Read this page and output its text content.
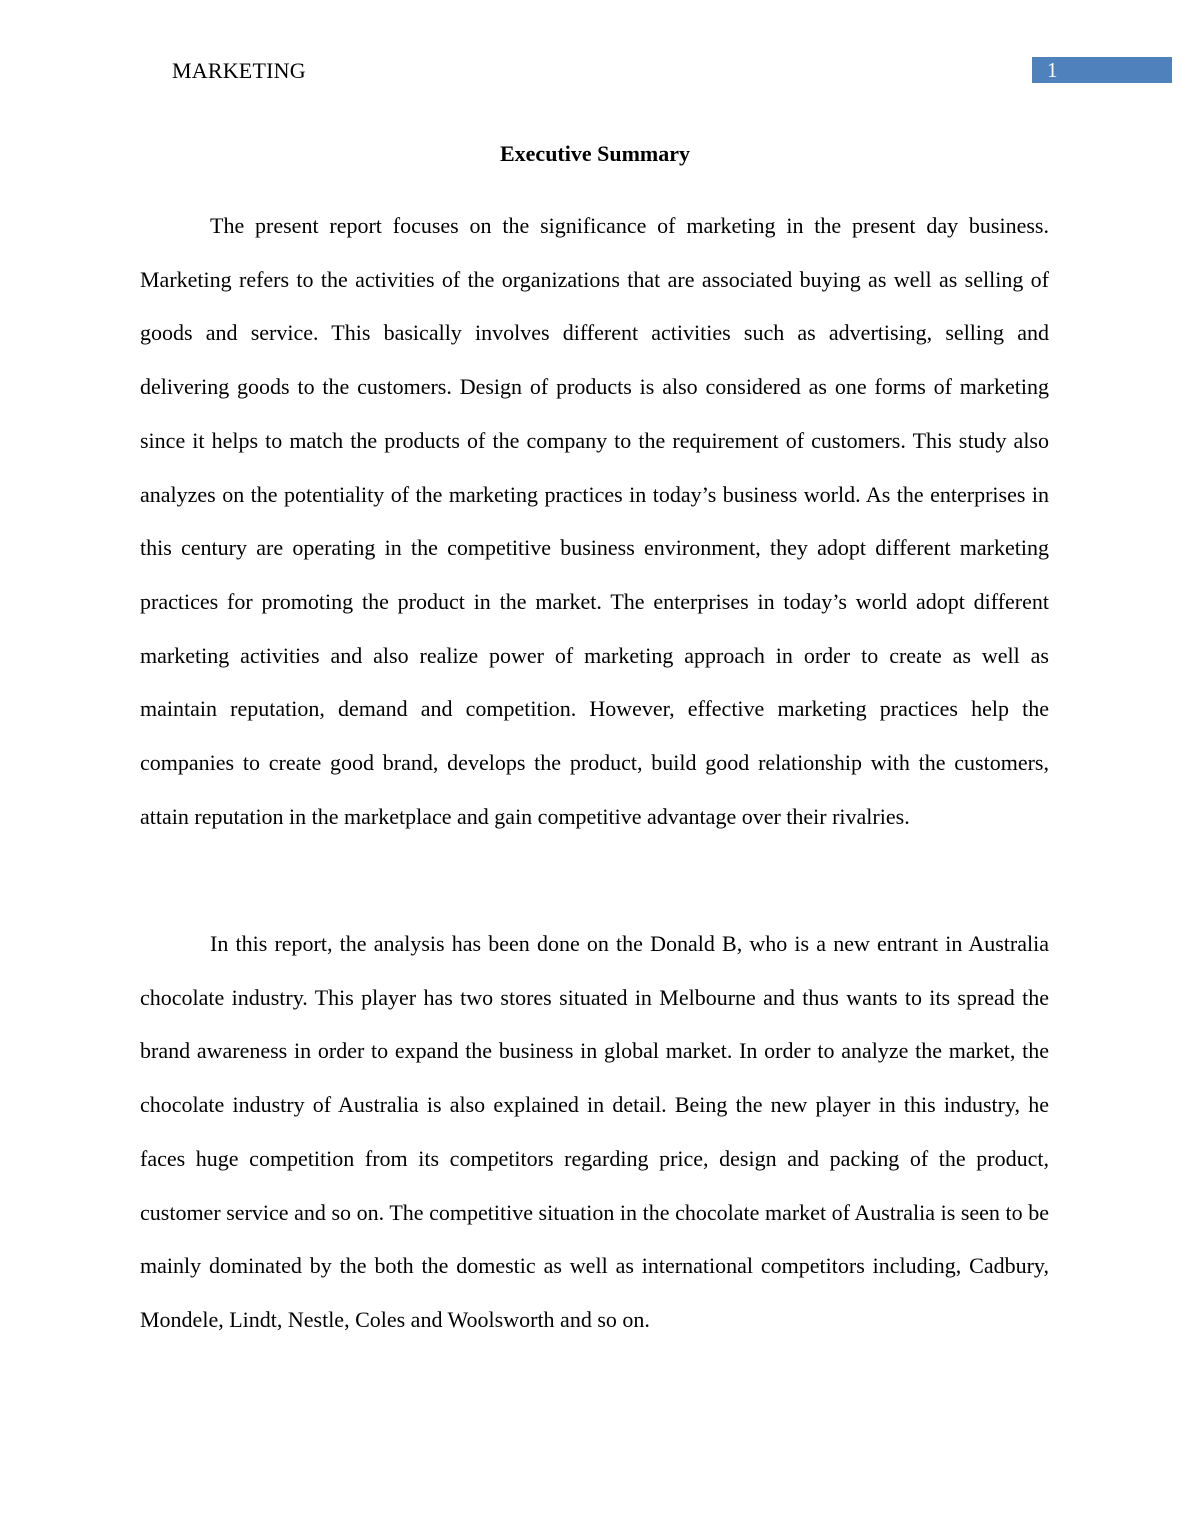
MARKETING	1
Executive Summary

The present report focuses on the significance of marketing in the present day business. Marketing refers to the activities of the organizations that are associated buying as well as selling of goods and service. This basically involves different activities such as advertising, selling and delivering goods to the customers. Design of products is also considered as one forms of marketing since it helps to match the products of the company to the requirement of customers. This study also analyzes on the potentiality of the marketing practices in today’s business world. As the enterprises in this century are operating in the competitive business environment, they adopt different marketing practices for promoting the product in the market. The enterprises in today’s world adopt different marketing activities and also realize power of marketing approach in order to create as well as maintain reputation, demand and competition. However, effective marketing practices help the companies to create good brand, develops the product, build good relationship with the customers, attain reputation in the marketplace and gain competitive advantage over their rivalries.

In this report, the analysis has been done on the Donald B, who is a new entrant in Australia chocolate industry. This player has two stores situated in Melbourne and thus wants to its spread the brand awareness in order to expand the business in global market. In order to analyze the market, the chocolate industry of Australia is also explained in detail. Being the new player in this industry, he faces huge competition from its competitors regarding price, design and packing of the product, customer service and so on. The competitive situation in the chocolate market of Australia is seen to be mainly dominated by the both the domestic as well as international competitors including, Cadbury, Mondele, Lindt, Nestle, Coles and Woolsworth and so on.
